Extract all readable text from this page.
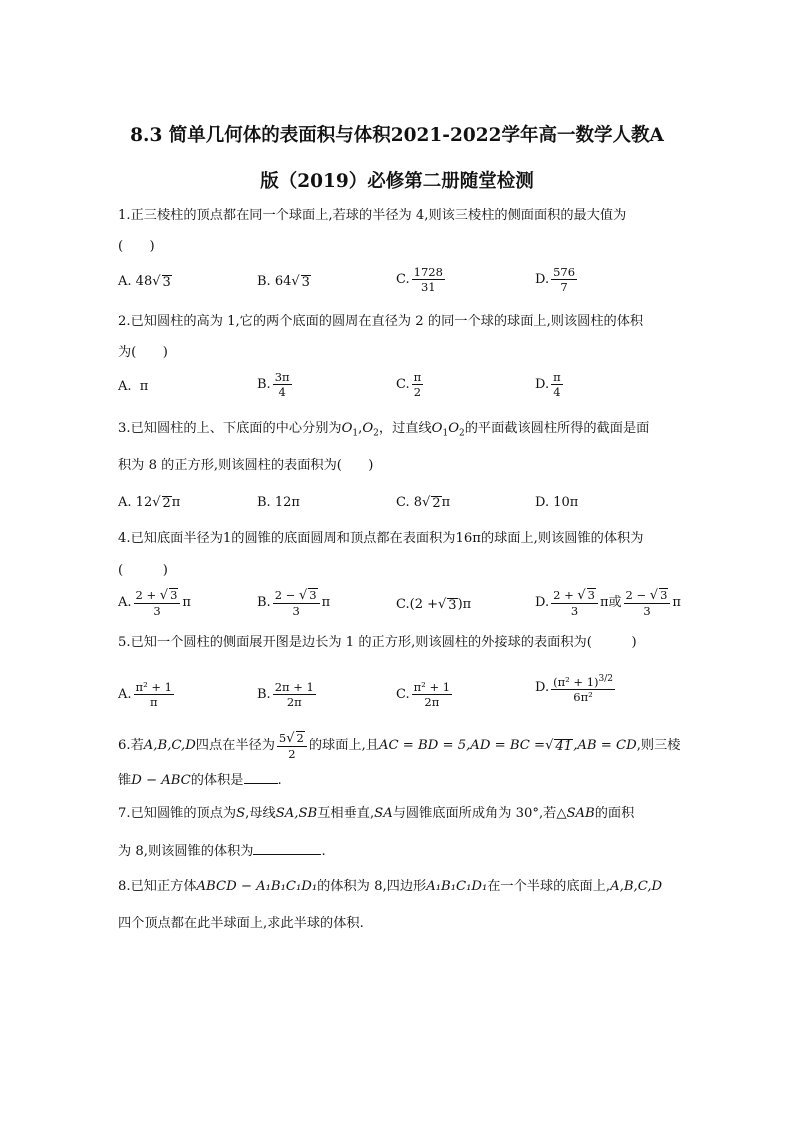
8.3 简单几何体的表面积与体积2021-2022学年高一数学人教A
版（2019）必修第二册随堂检测
1.正三棱柱的顶点都在同一个球面上,若球的半径为 4,则该三棱柱的侧面面积的最大值为
(　　)
A.
48 √ 3	B.
64 √ 3	C. $\frac{1728}{31}$	D. $\frac{576}{7}$
2.已知圆柱的高为 1,它的两个底面的圆周在直径为 2 的同一个球的球面上,则该圆柱的体积
为(　　)
A.
π	B. $\frac{3\pi}{4}$	C. $\frac{\pi}{2}$	D. $\frac{\pi}{4}$
3.已知圆柱的上、下底面的中心分别为$O_1,O_2$，过直线$O_1O_2$的平面截该圆柱所得的截面是面
积为 8 的正方形,则该圆柱的表面积为(　　)
A.
12 √ 2 π	B.
12π	C.
8 √ 2 π	D.
10π
4.已知底面半径为1的圆锥的底面圆周和顶点都在表面积为16π的球面上,则该圆锥的体积为
(　　　)
A. $\frac{2 + √ 3}{3}$ π	B. $\frac{2 - √ 3}{3}$ π	C. (2 + √ 3 )π	D. $\frac{2 + √ 3}{3}$ π或 $\frac{2 - √ 3}{3}$ π
5.已知一个圆柱的侧面展开图是边长为 1 的正方形,则该圆柱的外接球的表面积为(　　　)
A. $\frac{\text{π² + 1}}{\pi}$	B. $\frac{2\pi + 1}{2\pi}$	C. $\frac{\text{π² + 1}}{2\pi}$	D. $\frac{(\pi^2 + 1)^{3/2}}{\text{6π²}}$
6.若 A,B,C,D 四点在半径为 $\frac{5√ 2}{2}$ 的球面上,且 AC = BD = 5,AD = BC = √ 41 ,AB = CD ,则三棱
锥D − ABC的体积是	.
7.已知圆锥的顶点为S,母线SA,SB互相垂直,SA与圆锥底面所成角为 30°,若△SAB的面积
为 8,则该圆锥的体积为	.
8.已知正方体ABCD − A₁B₁C₁D₁的体积为 8,四边形A₁B₁C₁D₁在一个半球的底面上,A,B,C,D
四个顶点都在此半球面上,求此半球的体积.
